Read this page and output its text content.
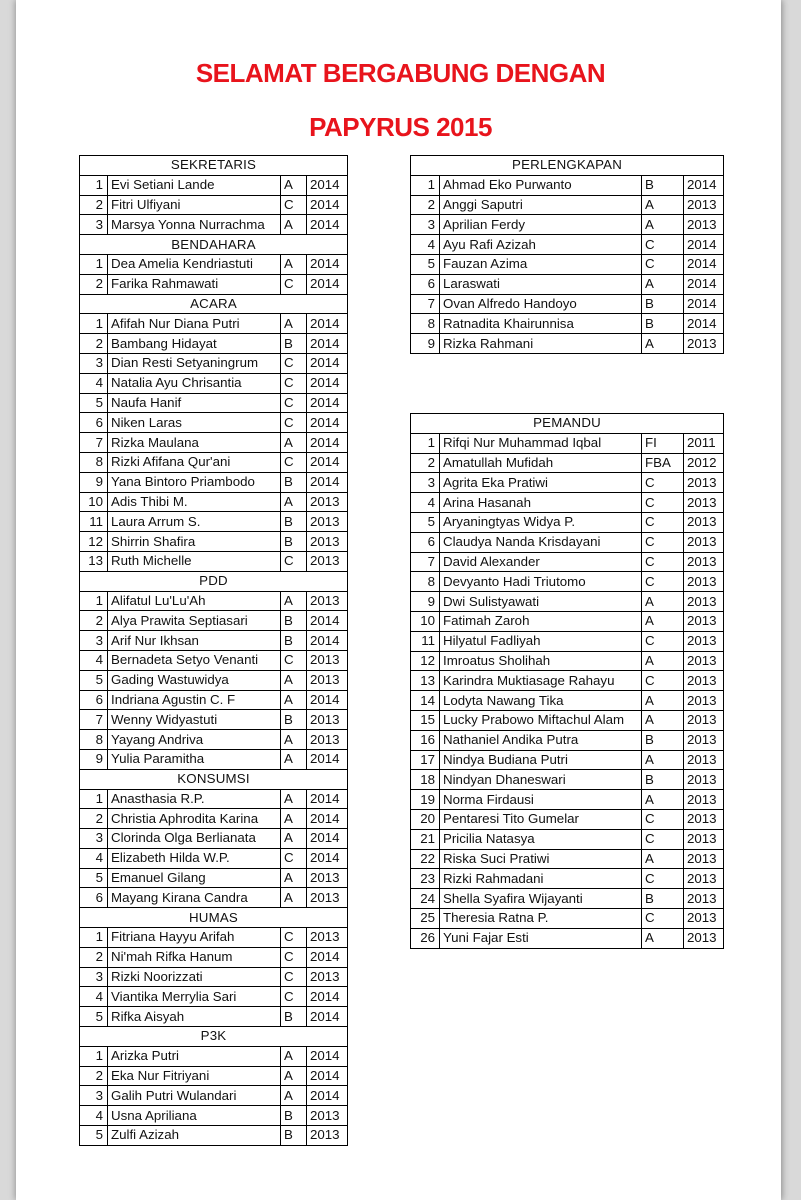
SELAMAT BERGABUNG DENGAN
PAPYRUS 2015
SEKRETARIS			
1	Evi Setiani Lande	A	2014
2	Fitri Ulfiyani	C	2014
3	Marsya Yonna Nurrachma	A	2014
BENDAHARA			
1	Dea Amelia Kendriastuti	A	2014
2	Farika Rahmawati	C	2014
ACARA			
1	Afifah Nur Diana Putri	A	2014
2	Bambang Hidayat	B	2014
3	Dian Resti Setyaningrum	C	2014
4	Natalia Ayu Chrisantia	C	2014
5	Naufa Hanif	C	2014
6	Niken Laras	C	2014
7	Rizka Maulana	A	2014
8	Rizki Afifana Qur'ani	C	2014
9	Yana Bintoro Priambodo	B	2014
10	Adis Thibi M.	A	2013
11	Laura Arrum S.	B	2013
12	Shirrin Shafira	B	2013
13	Ruth Michelle	C	2013
PDD			
1	Alifatul Lu'Lu'Ah	A	2013
2	Alya Prawita Septiasari	B	2014
3	Arif Nur Ikhsan	B	2014
4	Bernadeta Setyo Venanti	C	2013
5	Gading Wastuwidya	A	2013
6	Indriana Agustin C. F	A	2014
7	Wenny Widyastuti	B	2013
8	Yayang Andriva	A	2013
9	Yulia Paramitha	A	2014
KONSUMSI			
1	Anasthasia R.P.	A	2014
2	Christia Aphrodita Karina	A	2014
3	Clorinda Olga Berlianata	A	2014
4	Elizabeth Hilda W.P.	C	2014
5	Emanuel Gilang	A	2013
6	Mayang Kirana Candra	A	2013
HUMAS			
1	Fitriana Hayyu Arifah	C	2013
2	Ni'mah Rifka Hanum	C	2014
3	Rizki Noorizzati	C	2013
4	Viantika Merrylia Sari	C	2014
5	Rifka Aisyah	B	2014
P3K			
1	Arizka Putri	A	2014
2	Eka Nur Fitriyani	A	2014
3	Galih Putri Wulandari	A	2014
4	Usna Apriliana	B	2013
5	Zulfi Azizah	B	2013
PERLENGKAPAN			
1	Ahmad Eko Purwanto	B	2014
2	Anggi Saputri	A	2013
3	Aprilian Ferdy	A	2013
4	Ayu Rafi Azizah	C	2014
5	Fauzan Azima	C	2014
6	Laraswati	A	2014
7	Ovan Alfredo Handoyo	B	2014
8	Ratnadita Khairunnisa	B	2014
9	Rizka Rahmani	A	2013
PEMANDU			
1	Rifqi Nur Muhammad Iqbal	FI	2011
2	Amatullah Mufidah	FBA	2012
3	Agrita Eka Pratiwi	C	2013
4	Arina Hasanah	C	2013
5	Aryaningtyas Widya P.	C	2013
6	Claudya Nanda Krisdayani	C	2013
7	David Alexander	C	2013
8	Devyanto Hadi Triutomo	C	2013
9	Dwi Sulistyawati	A	2013
10	Fatimah Zaroh	A	2013
11	Hilyatul Fadliyah	C	2013
12	Imroatus Sholihah	A	2013
13	Karindra Muktiasage Rahayu	C	2013
14	Lodyta Nawang Tika	A	2013
15	Lucky Prabowo Miftachul Alam	A	2013
16	Nathaniel Andika Putra	B	2013
17	Nindya Budiana Putri	A	2013
18	Nindyan Dhaneswari	B	2013
19	Norma Firdausi	A	2013
20	Pentaresi Tito Gumelar	C	2013
21	Pricilia Natasya	C	2013
22	Riska Suci Pratiwi	A	2013
23	Rizki Rahmadani	C	2013
24	Shella Syafira Wijayanti	B	2013
25	Theresia Ratna P.	C	2013
26	Yuni Fajar Esti	A	2013
